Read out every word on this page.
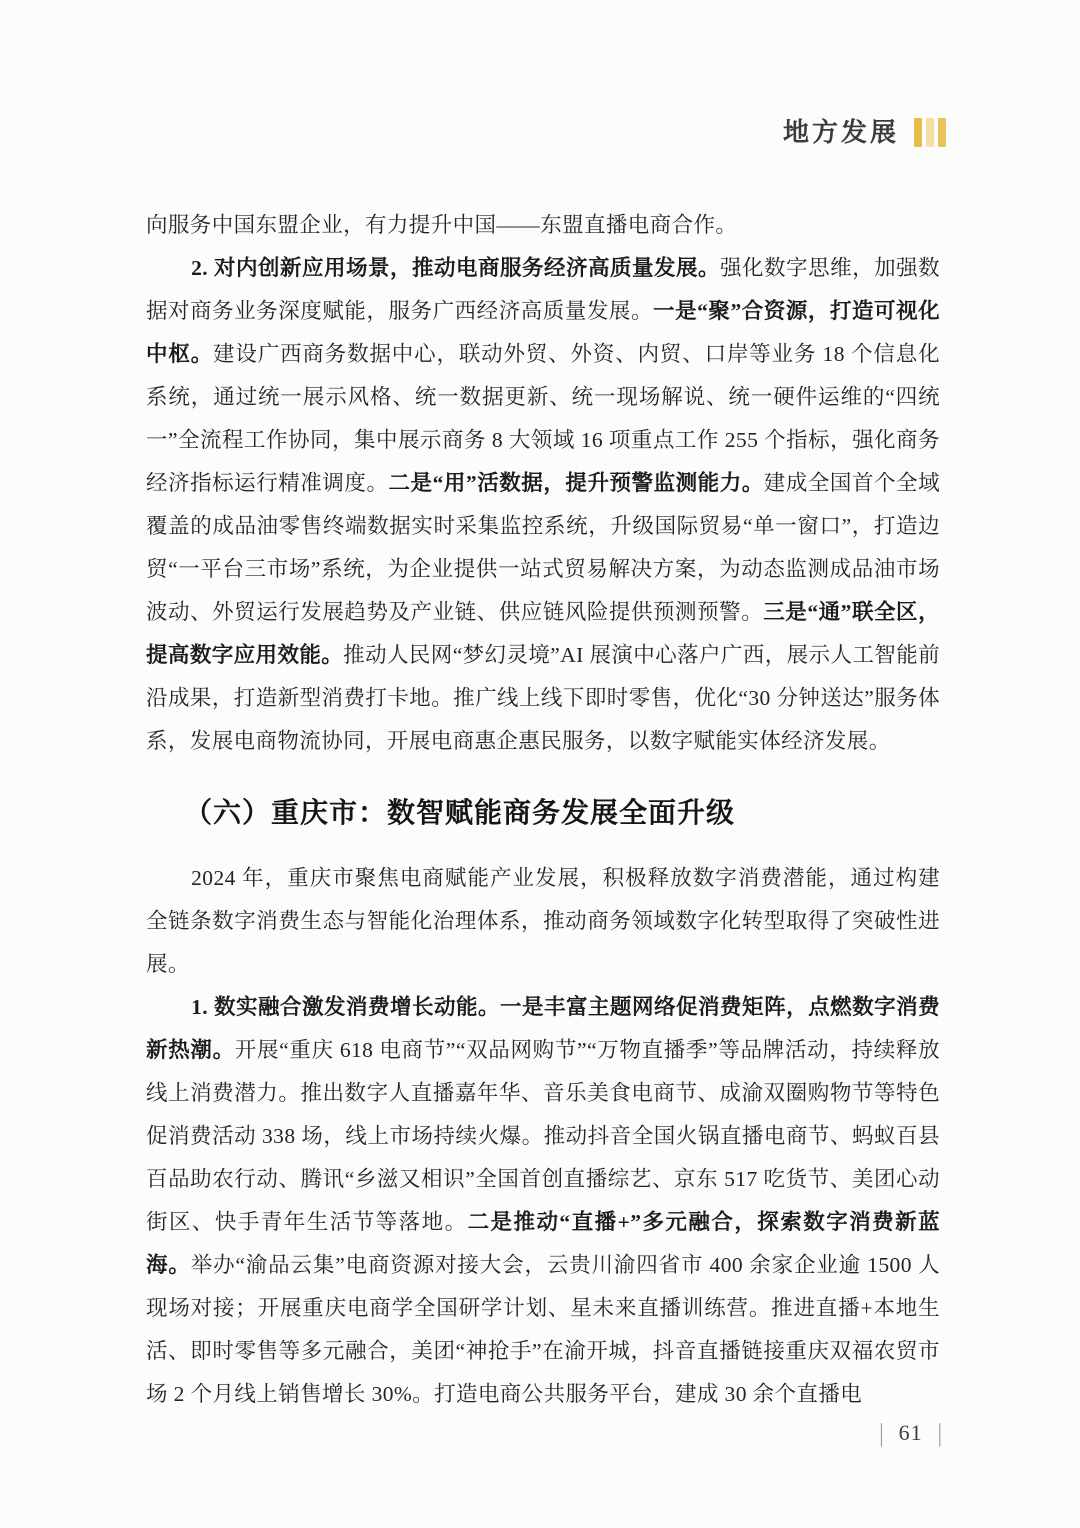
地方发展

向服务中国东盟企业，有力提升中国——东盟直播电商合作。

2. 对内创新应用场景，推动电商服务经济高质量发展。强化数字思维，加强数据对商务业务深度赋能，服务广西经济高质量发展。一是“聚”合资源，打造可视化中枢。建设广西商务数据中心，联动外贸、外资、内贸、口岸等业务 18 个信息化系统，通过统一展示风格、统一数据更新、统一现场解说、统一硬件运维的“四统一”全流程工作协同，集中展示商务 8 大领域 16 项重点工作 255 个指标，强化商务经济指标运行精准调度。二是“用”活数据，提升预警监测能力。建成全国首个全域覆盖的成品油零售终端数据实时采集监控系统，升级国际贸易“单一窗口”，打造边贸“一平台三市场”系统，为企业提供一站式贸易解决方案，为动态监测成品油市场波动、外贸运行发展趋势及产业链、供应链风险提供预测预警。三是“通”联全区，提高数字应用效能。推动人民网“梦幻灵境”AI 展演中心落户广西，展示人工智能前沿成果，打造新型消费打卡地。推广线上线下即时零售，优化“30 分钟送达”服务体系，发展电商物流协同，开展电商惠企惠民服务，以数字赋能实体经济发展。

（六）重庆市：数智赋能商务发展全面升级

2024 年，重庆市聚焦电商赋能产业发展，积极释放数字消费潜能，通过构建全链条数字消费生态与智能化治理体系，推动商务领域数字化转型取得了突破性进展。

1. 数实融合激发消费增长动能。一是丰富主题网络促消费矩阵，点燃数字消费新热潮。开展“重庆 618 电商节”“双品网购节”“万物直播季”等品牌活动，持续释放线上消费潜力。推出数字人直播嘉年华、音乐美食电商节、成渝双圈购物节等特色促消费活动 338 场，线上市场持续火爆。推动抖音全国火锅直播电商节、蚂蚁百县百品助农行动、腾讯“乡滋又相识”全国首创直播综艺、京东 517 吃货节、美团心动街区、快手青年生活节等落地。二是推动“直播+”多元融合，探索数字消费新蓝海。举办“渝品云集”电商资源对接大会，云贵川渝四省市 400 余家企业逾 1500 人现场对接；开展重庆电商学全国研学计划、星未来直播训练营。推进直播+本地生活、即时零售等多元融合，美团“神抢手”在渝开城，抖音直播链接重庆双福农贸市场 2 个月线上销售增长 30%。打造电商公共服务平台，建成 30 余个直播电

| 61 |
